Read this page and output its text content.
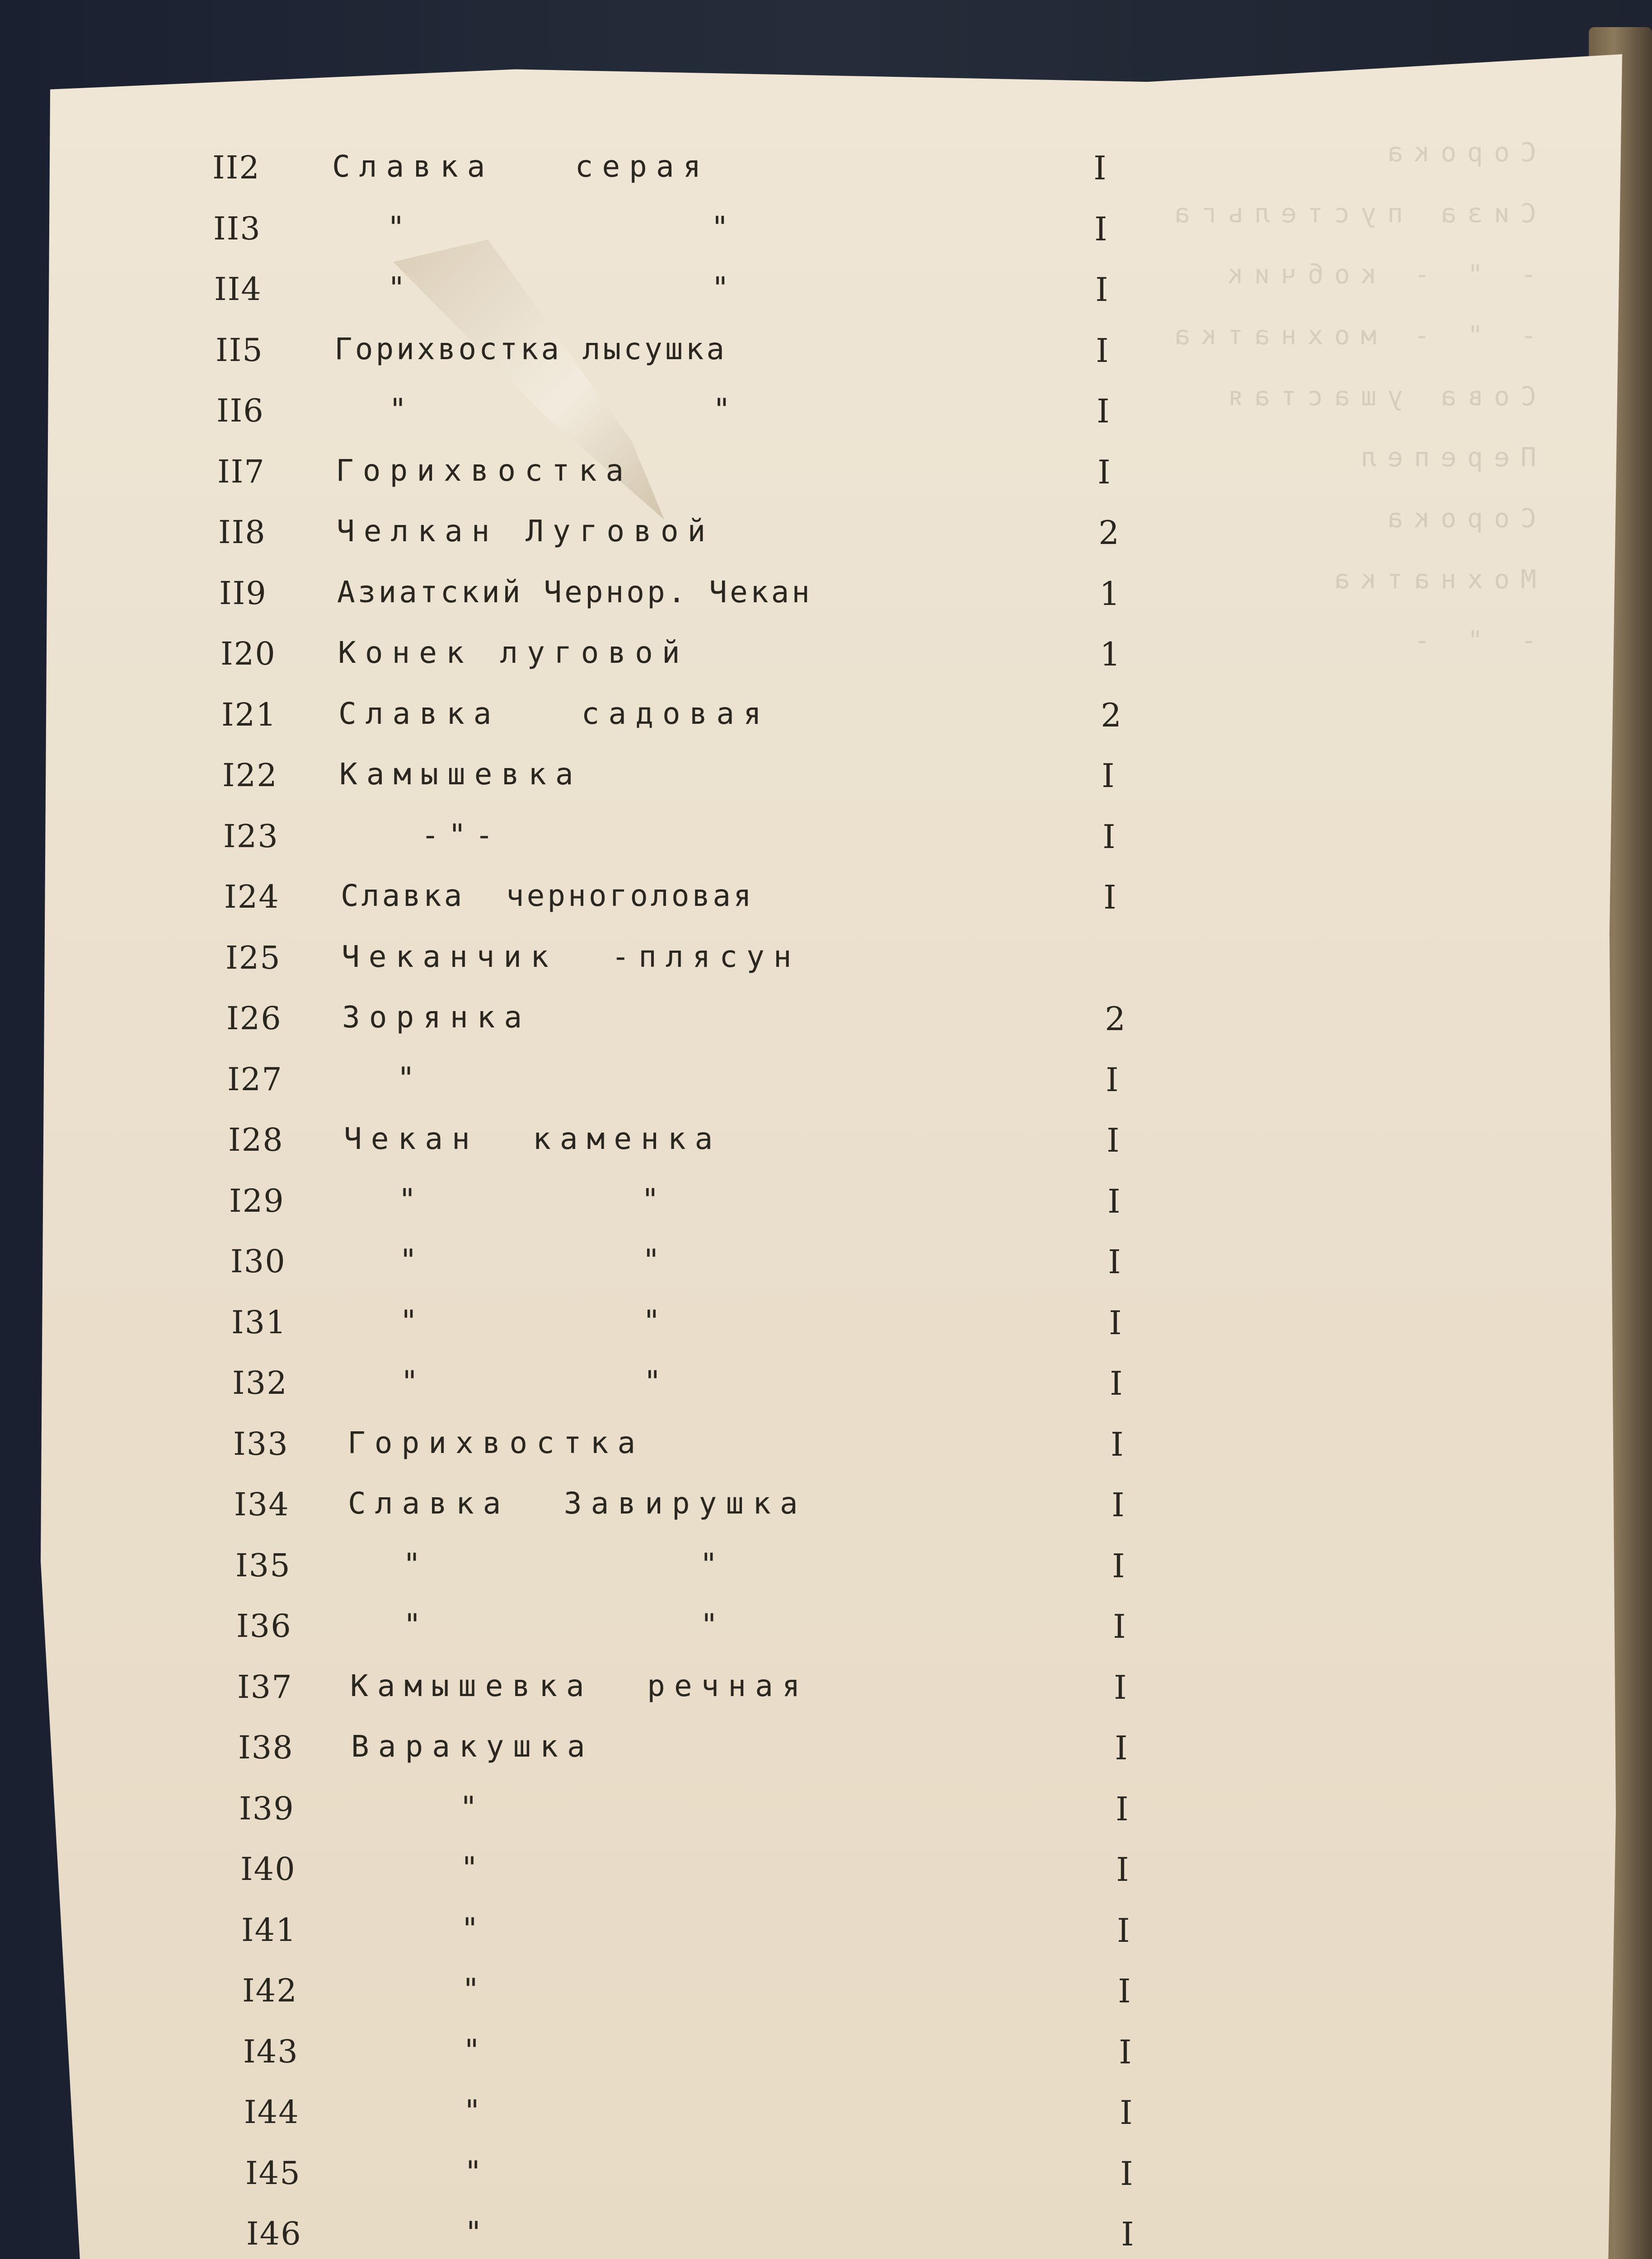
Сорока
Сиза пустельга
- " - кобчик
- " - мохнатка
Сова ушастая
Перепел
Сорока
Мохнатка
- " -
II2 Славка   серая	I
II3 "           "	I
II4 "           "	I
II5 Горихвостка лысушка	I
II6 "           "	I
II7 Горихвостка	I
II8 Челкан Луговой	2
II9 Азиатский Чернор. Чекан	1
I20 Конек луговой	1
I21 Славка   садовая	2
I22 Камышевка	I
I23 -"-	I
I24 Славка  черноголовая	I
I25 Чеканчик  -плясун
I26 Зорянка	2
I27 "	I
I28 Чекан  каменка	I
I29 "        "	I
I30 "        "	I
I31 "        "	I
I32 "        "	I
I33 Горихвостка	I
I34 Славка  Завирушка	I
I35 "          "	I
I36 "          "	I
I37 Камышевка  речная	I
I38 Варакушка	I
I39 "	I
I40 "	I
I41 "	I
I42 "	I
I43 "	I
I44 "	I
I45 "	I
I46 "	I
